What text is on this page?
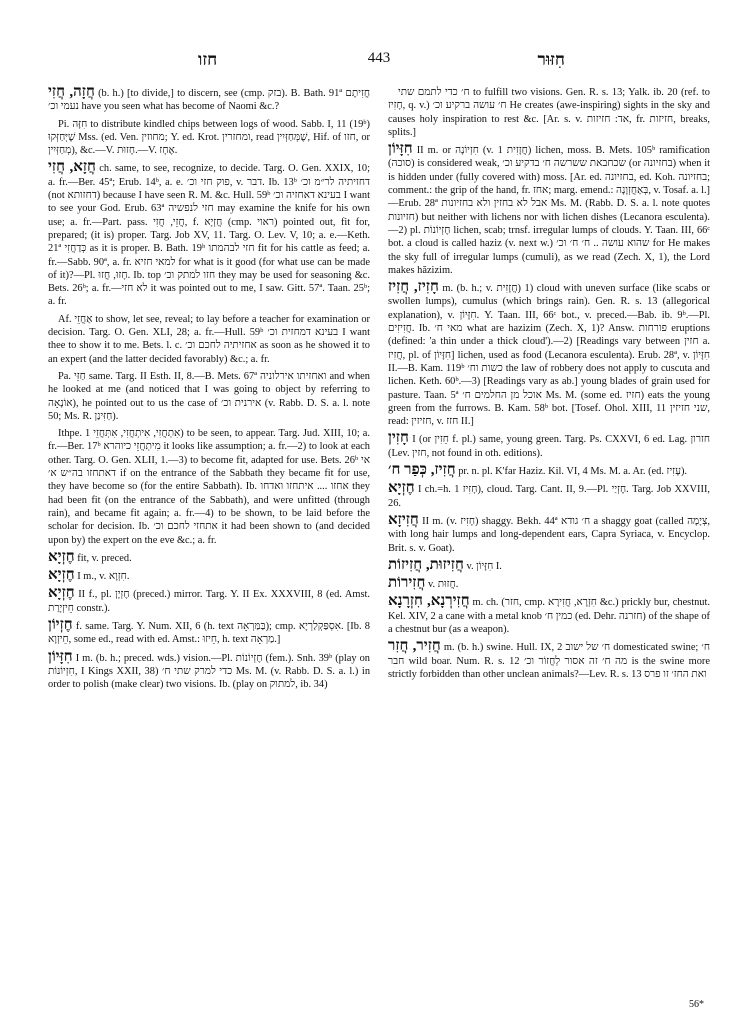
חזו	443	חִזּוּר

חֲזָה, חֲזִי (b. h.) [to divide,] to discern, see (cmp. בזק). B. Bath. 91ª חֲזִיתֶם נעמי וכ׳ have you seen what has become of Naomi &c.?

Pi. חִזָּה to distribute kindled chips between logs of wood. Sabb. I, 11 (19ᵇ) שֶׁיְּחַזְּקוּ Mss. (ed. Ven. מחוזין; Y. ed. Krot. ומחזרין, read שֶׁמְּחַזְּיִין, Hif. of חזו, or מְחַזְּיִין), &c.—V. חָזוּת.—V. אֶחָז.

חֲזָא, חֲזִי ch. same, to see, recognize, to decide. Targ. O. Gen. XXIX, 10; a. fr.—Ber. 45ª; Erub. 14ᵇ, a. e. פוק חזי וכ׳, v. דבר. Ib. 13ᵇ דחזיתיה לר״מ וכ׳ (not דחזותא) because I have seen R. M. &c. Hull. 59ᵇ בעינא דאחזיה וכ׳ I want to see your God. Erub. 63ª חזי לנפשיה may examine the knife for his own use; a. fr.—Part. pass. חֲזֵי, חֲזִי, f. חֲזְיָא (cmp. ראוי) pointed out, fit for, prepared; (it is) proper. Targ. Job XV, 11. Targ. O. Lev. V, 10; a. e.—Keth. 21ª כְּדַחֲזִי as it is proper. B. Bath. 19ᵇ חזי לבהמתו fit for his cattle as feed; a. fr.—Sabb. 90ª, a. fr. למאי חזיא for what is it good (for what use can be made of it)?—Pl. חָזוּ, חֲזוּ. Ib. top חזו למתק וכ׳ they may be used for seasoning &c. Bets. 26ᵇ; a. fr.—לא חזי it was pointed out to me, I saw. Gitt. 57ª. Taan. 25ᵇ; a. fr.

Af. אַחֲזֵי to show, let see, reveal; to lay before a teacher for examination or decision. Targ. O. Gen. XLI, 28; a. fr.—Hull. 59ᵇ בעינא דמחזית וכ׳ I want thee to show it to me. Bets. l. c. אחזיתיה לחכם וכ׳ as soon as he showed it to an expert (and the latter decided favorably) &c.; a. fr.

Pa. חַזֵּי same. Targ. II Esth. II, 8.—B. Mets. 67ª ואחזיתו אירלוניה and when he looked at me (and noticed that I was going to object by referring to אוֹנָאָה), he pointed out to us the case of אירנית וכ׳ (v. Rabb. D. S. a. l. note 50; Ms. R. חַזִּינַן).

Ithpe. אִתְחֲזִי, אִיתְחֲזִי, אִתְּחֲזֵי 1) to be seen, to appear. Targ. Jud. XIII, 10; a. fr.—Ber. 17ᵇ מִיתְחֲזֵי כיוהרא it looks like assumption; a. fr.—2) to look at each other. Targ. O. Gen. XLII, 1.—3) to become fit, adapted for use. Bets. 26ᵇ אי דאתחזו בה״ש א׳ if on the entrance of the Sabbath they became fit for use, they have become so (for the entire Sabbath). Ib. אחזו .... איתחזו ואדחו they had been fit (on the entrance of the Sabbath), and were unfitted (through rain), and became fit again; a. fr.—4) to be shown, to be laid before the scholar for decision. Ib. אתחזי לחכם וכ׳ it had been shown to (and decided upon by) the expert on the eve &c.; a. fr.

חֶזְיָא fit, v. preced.

חֶזְיָא I m., v. חִזְוָא.

חֶזְיָא II f., pl. חֶזְיָן (preced.) mirror. Targ. Y. II Ex. XXXVIII, 8 (ed. Amst. חֵיזְיָרַת constr.).

חֶזְיוֹן f. same. Targ. Y. Num. XII, 6 (h. text בַּמַּרְאָה); cmp. אִסְפַּקְלַרְיָא. [Ib. 8 חֵיזְוָא, some ed., read with ed. Amst.: חֵיזוּ, h. text מַרְאָה.]

חִזָּיוֹן I m. (b. h.; preced. wds.) vision.—Pl. חֶזְיוֹנוֹת (fem.). Snh. 39ᵇ (play on חִזְיוֹנוֹת, I Kings XXII, 38) כדי למרק שתי ח׳ Ms. M. (v. Rabb. D. S. a. l.) in order to polish (make clear) two visions. Ib. (play on למתוק, ib. 34)

ח׳ כדי לתמם שתי to fulfill two visions. Gen. R. s. 13; Yalk. ib. 20 (ref. to חָזִיז, q. v.) ח׳ עושה ברקיע וכ׳ He creates (awe-inspiring) sights in the sky and causes holy inspiration to rest &c. [Ar. s. v. אד: חזיזות, fr. חזיזות, breaks, splits.]

חִזָּיוֹן II m. or חִזְיוֹנָה (v. חֲזָזִית 1) lichen, moss. B. Mets. 105ᵇ ramification (סוכה) is considered weak, שכחבאת ששרשה ח׳ בדקיע וכ׳ (or בחזיונה) when it is hidden under (fully covered with) moss. [Ar. ed. בחזיונה, ed. Koh. בחזיונה; comment.: the grip of the hand, fr. אחז; marg. emend.: בְּאַחֲזְוָנָה, v. Tosaf. a. l.]—Erub. 28ª אבל לא בחזין ולא בחזיונות Ms. M. (Rabb. D. S. a. l. note quotes חזיונות) but neither with lichens nor with lichen dishes (Lecanora esculenta).—2) pl. חֶזְיוֹנוֹת lichen, scab; trnsf. irregular lumps of clouds. Y. Taan. III, 66ᶜ bot. a cloud is called haziz (v. next w.) שהוא עושה .. ח׳ ח׳ וכ׳ for He makes the sky full of irregular lumps (cumuli), as we read (Zech. X, 1), the Lord makes hăzizim.

חָזִיז, חֲזִיז m. (b. h.; v. חֲזָזִית) 1) cloud with uneven surface (like scabs or swollen lumps), cumulus (which brings rain). Gen. R. s. 13 (allegorical explanation), v. חִזָּיוֹן. Y. Taan. III, 66ᶜ bot., v. preced.—Bab. ib. 9ᵇ.—Pl. חֲזִיזִים. Ib. מאי ח׳ what are hazizim (Zech. X, 1)? Answ. פורחות eruptions (defined: 'a thin under a thick cloud').—2) [Readings vary between חזין a. חֲזִיז, pl. of חִזָּיוֹן] lichen, used as food (Lecanora esculenta). Erub. 28ª, v. חִזָּיוֹן II.—B. Kam. 119ᵇ כשות וח׳ the law of robbery does not apply to cuscuta and lichen. Keth. 60ᵇ.—3) [Readings vary as ab.] young blades of grain used for pasture. Taan. 5ª אוכל מן החלמים ח׳ Ms. M. (some ed. חזיז) eats the young green from the furrows. B. Kam. 58ᵇ bot. [Tosef. Ohol. XIII, 11 שני חזיזין, read: חזיזין, v. חזז II.]

חָזִין I (or חֵזִין f. pl.) same, young green. Targ. Ps. CXXVI, 6 ed. Lag. חזרון (Lev. חזין, not found in oth. editions).

חֲזִיז, כְּפַר ח׳ pr. n. pl. K'far Haziz. Kil. VI, 4 Ms. M. a. Ar. (ed. עָזִיז).

חֶזְיָא I ch.=h. חָזִיז 1), cloud. Targ. Cant. II, 9.—Pl. חֶזְיַי. Targ. Job XXVIII, 26.

חֲזִיזָא II m. (v. חָזִיז) shaggy. Bekh. 44ª ח׳ גודא a shaggy goat (called צְיָמָה, with long hair lumps and long-dependent ears, Capra Syriaca, v. Encyclop. Brit. s. v. Goat).

חֲזִיזוּת, חֲזִיזוֹת v. חִזָּיוֹן I.

חֲזִירוֹת v. חֲזוּת.

חֲזִירְנָא, חִזְרָנָא m. ch. (חזר, cmp. חִזְרָא, חֲזִירָא &c.) prickly bur, chestnut. Kel. XIV, 2 a cane with a metal knob כמין ח׳ (ed. Dehr. חזרנה) of the shape of a chestnut bur (as a weapon).

חֲזִיר, חֲזִר m. (b. h.) swine. Hull. IX, 2 ח׳ של ישוב domesticated swine; ח׳ חבר wild boar. Num. R. s. 12 מה ח׳ זה אסור לְחֲזוֹר וכ׳ is the swine more strictly forbidden than other unclean animals?—Lev. R. s. 13 ואת החז׳ זו פרס

56*
